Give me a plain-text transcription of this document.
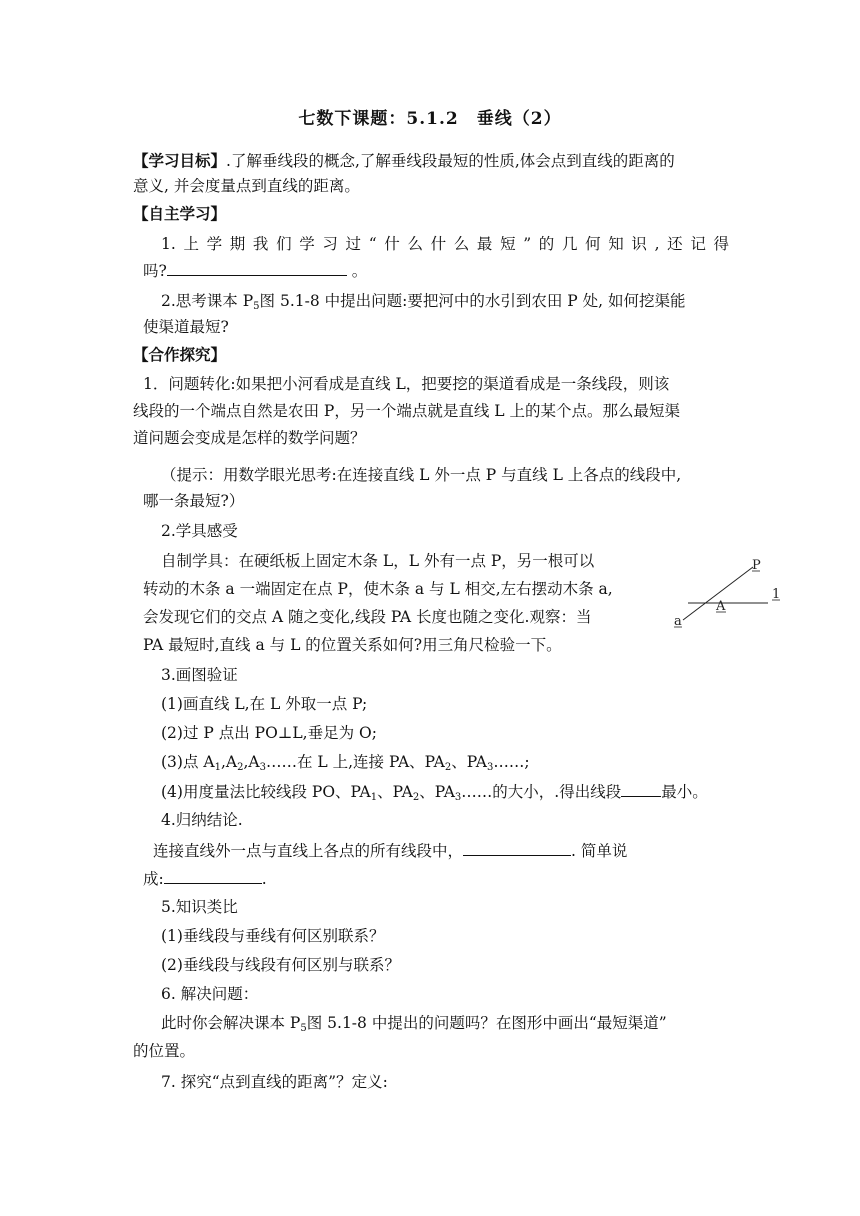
七数下课题：5.1.2　垂线（2）
【学习目标】.了解垂线段的概念,了解垂线段最短的性质,体会点到直线的距离的
意义, 并会度量点到直线的距离。
【自主学习】
1.上学期我们学习过“什么什么最短”的几何知识,还记得
吗?	。
2.思考课本 $P_5$图 5.1-8 中提出问题:要把河中的水引到农田 P 处, 如何挖渠能
使渠道最短?
【合作探究】
1．问题转化:如果把小河看成是直线 L，把要挖的渠道看成是一条线段，则该
线段的一个端点自然是农田 P，另一个端点就是直线 L 上的某个点。那么最短渠
道问题会变成是怎样的数学问题？
（提示：用数学眼光思考:在连接直线 L 外一点 P 与直线 L 上各点的线段中,
哪一条最短?）
2.学具感受
自制学具：在硬纸板上固定木条 L，L 外有一点 P，另一根可以
转动的木条 a 一端固定在点 P，使木条 a 与 L 相交,左右摆动木条 a,
会发现它们的交点 A 随之变化,线段 PA 长度也随之变化.观察：当
PA 最短时,直线 a 与 L 的位置关系如何?用三角尺检验一下。
P
1
A
a
3.画图验证
(1)画直线 L,在 L 外取一点 P;
(2)过 P 点出 PO⊥L,垂足为 O;
(3)点 $A_1,A_2,A_3\dots\dots$在 L 上,连接 PA、$PA_2$、$PA_3\dots\dots$;
(4)用度量法比较线段 PO、$PA_1$、$PA_2$、$PA_3\dots\dots$的大小，.得出线段	最小。
4.归纳结论.
连接直线外一点与直线上各点的所有线段中，	. 简单说
成:	.
5.知识类比
(1)垂线段与垂线有何区别联系？
(2)垂线段与线段有何区别与联系？
6. 解决问题：
此时你会解决课本 $P_5$图 5.1-8 中提出的问题吗？在图形中画出“最短渠道”
的位置。
7. 探究“点到直线的距离”？定义:
